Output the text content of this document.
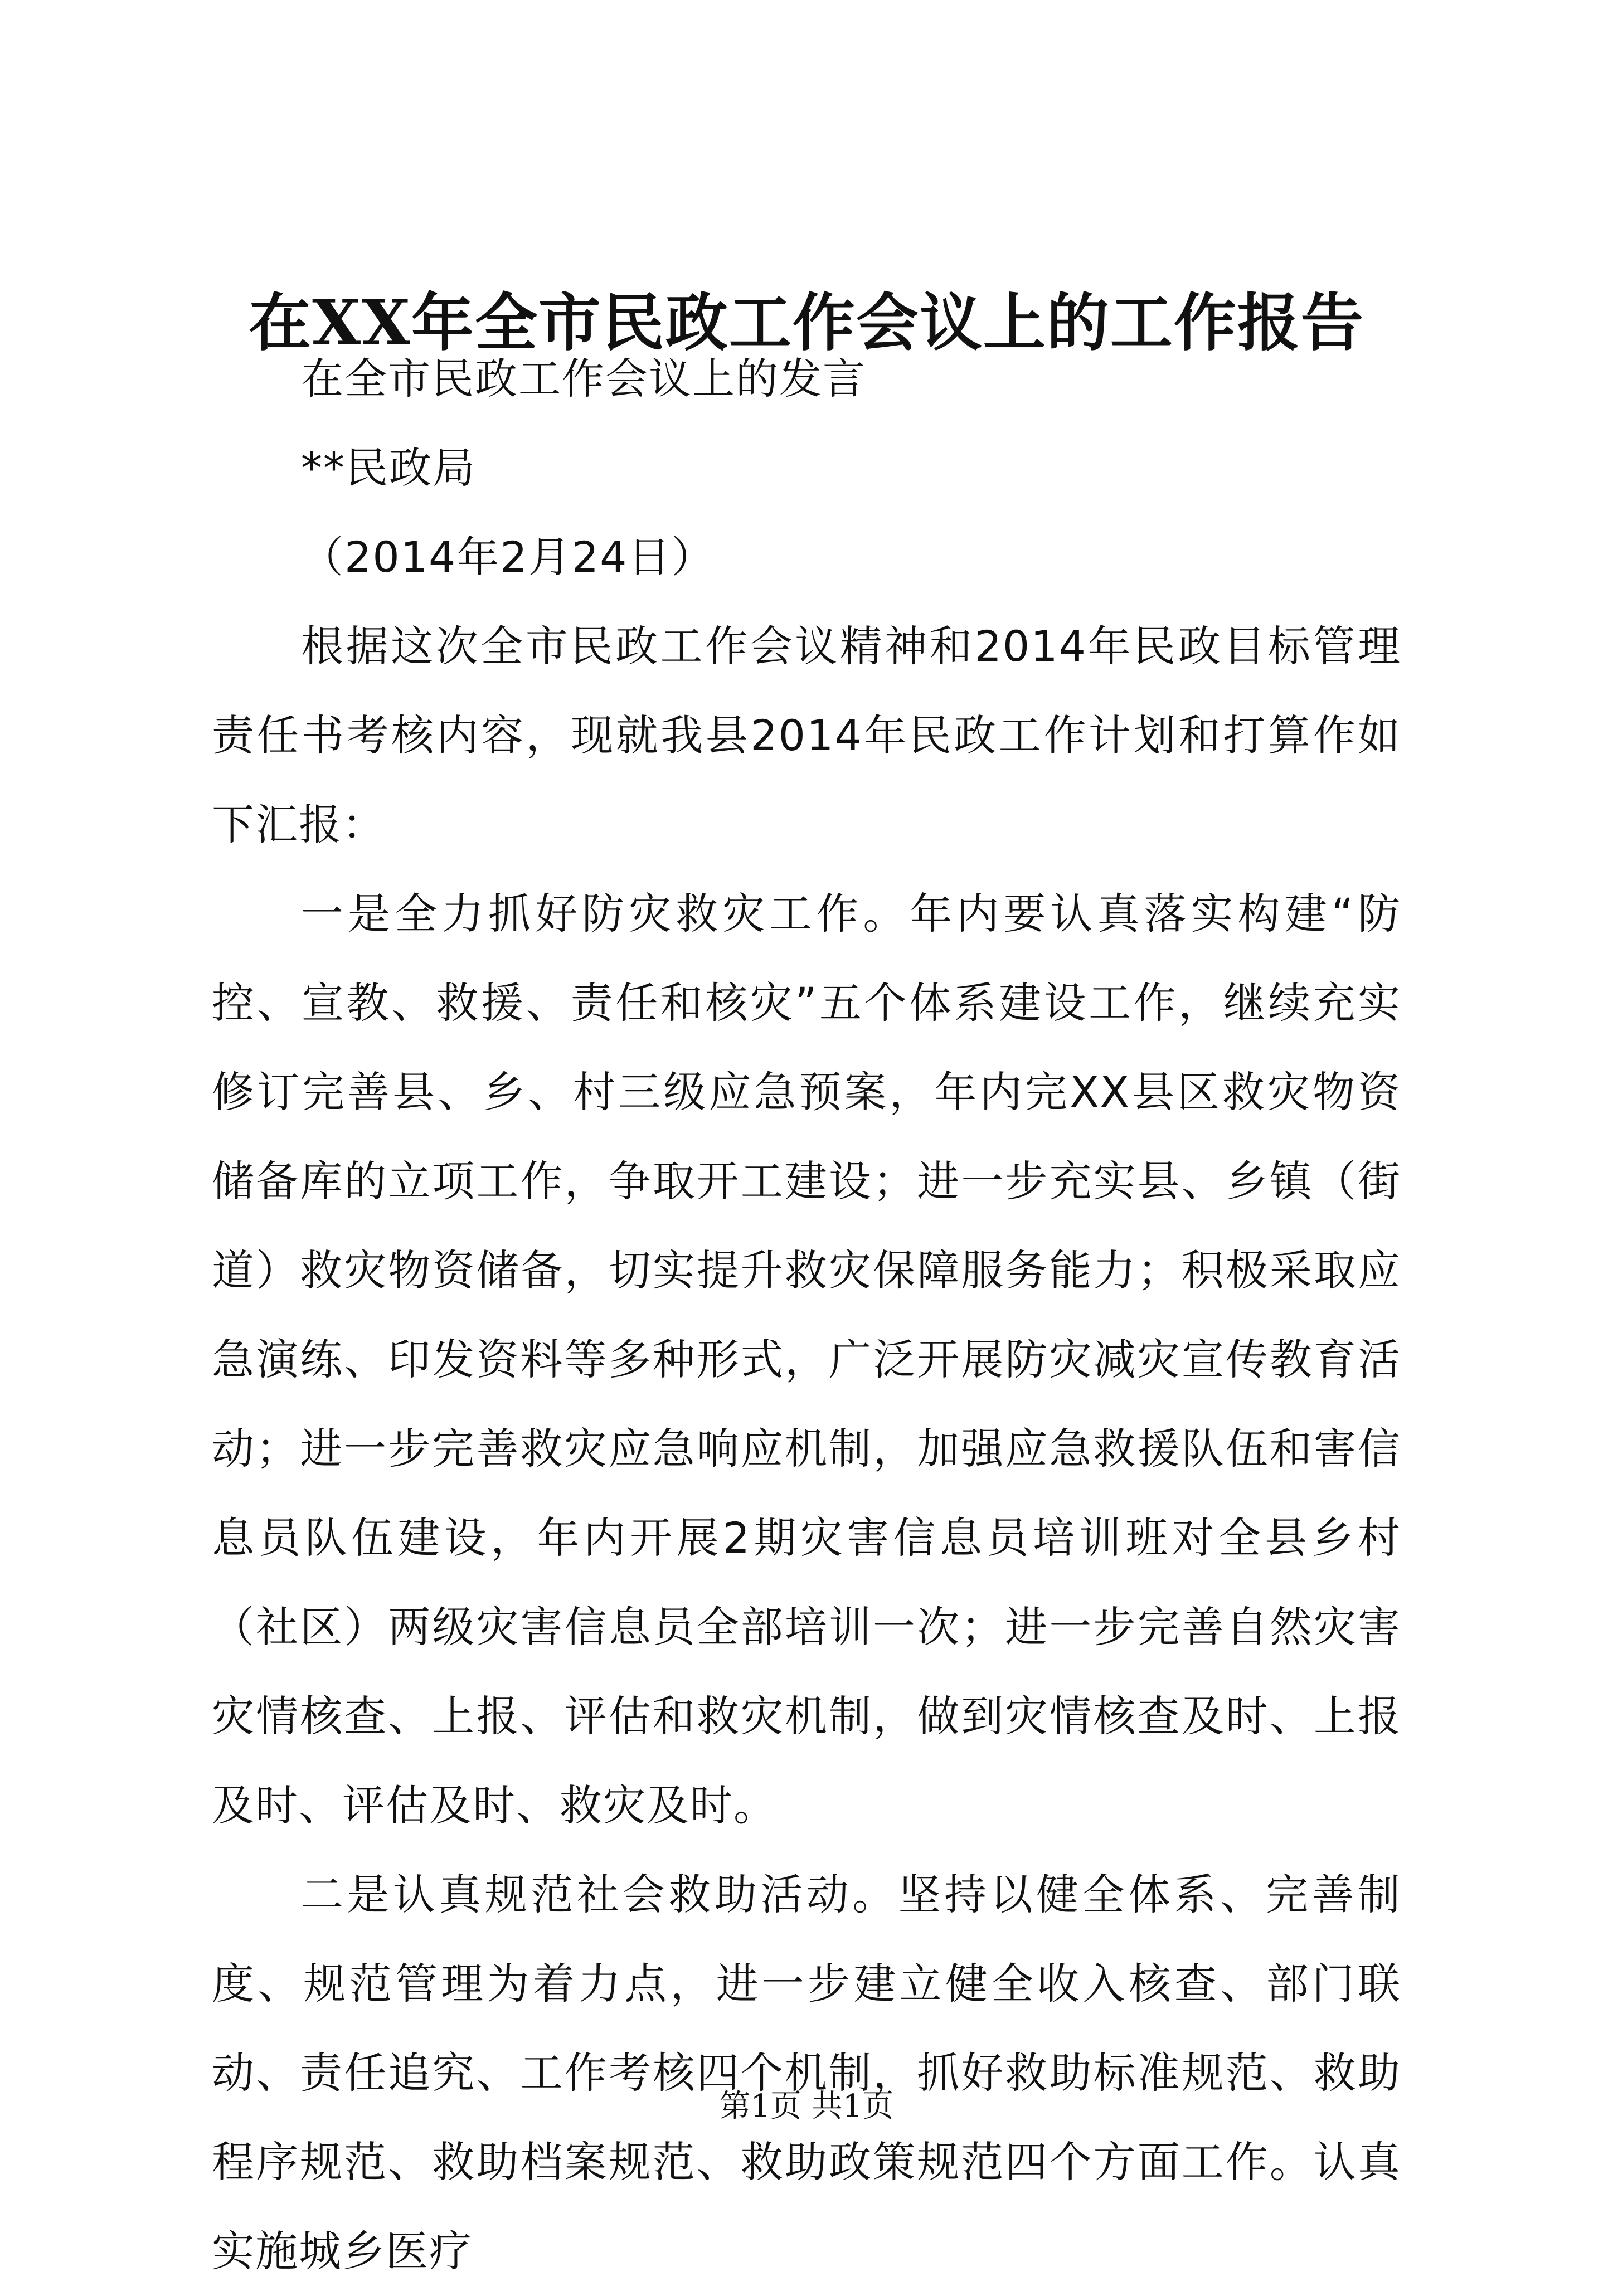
在XX年全市民政工作会议上的工作报告

在全市民政工作会议上的发言

**民政局

（2014年2月24日）

根据这次全市民政工作会议精神和2014年民政目标管理责任书考核内容，现就我县2014年民政工作计划和打算作如下汇报：

一是全力抓好防灾救灾工作。年内要认真落实构建“防控、宣教、救援、责任和核灾”五个体系建设工作，继续充实修订完善县、乡、村三级应急预案，年内完XX县区救灾物资储备库的立项工作，争取开工建设；进一步充实县、乡镇（街道）救灾物资储备，切实提升救灾保障服务能力；积极采取应急演练、印发资料等多种形式，广泛开展防灾减灾宣传教育活动；进一步完善救灾应急响应机制，加强应急救援队伍和害信息员队伍建设，年内开展2期灾害信息员培训班对全县乡村（社区）两级灾害信息员全部培训一次；进一步完善自然灾害灾情核查、上报、评估和救灾机制，做到灾情核查及时、上报及时、评估及时、救灾及时。

二是认真规范社会救助活动。坚持以健全体系、完善制度、规范管理为着力点，进一步建立健全收入核查、部门联动、责任追究、工作考核四个机制，抓好救助标准规范、救助程序规范、救助档案规范、救助政策规范四个方面工作。认真实施城乡医疗

第1页 共1页
